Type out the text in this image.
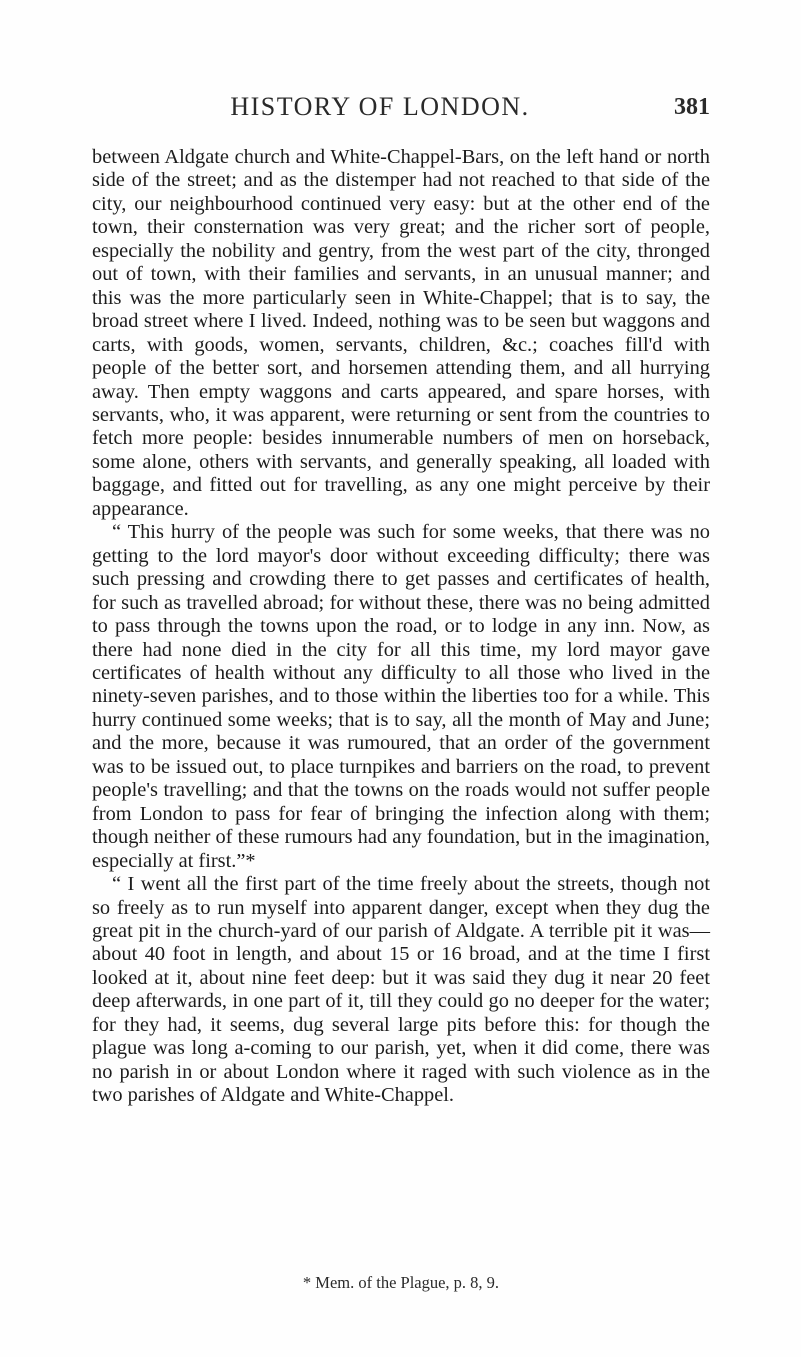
HISTORY OF LONDON.	381

between Aldgate church and White-Chappel-Bars, on the left hand or north side of the street; and as the distemper had not reached to that side of the city, our neighbourhood continued very easy: but at the other end of the town, their consternation was very great; and the richer sort of people, especially the nobility and gentry, from the west part of the city, thronged out of town, with their families and servants, in an unusual manner; and this was the more particularly seen in White-Chappel; that is to say, the broad street where I lived. Indeed, nothing was to be seen but waggons and carts, with goods, women, servants, children, &c.; coaches fill'd with people of the better sort, and horsemen attending them, and all hurrying away. Then empty waggons and carts appeared, and spare horses, with servants, who, it was apparent, were returning or sent from the countries to fetch more people: besides innumerable numbers of men on horseback, some alone, others with servants, and generally speaking, all loaded with baggage, and fitted out for travelling, as any one might perceive by their appearance.

“ This hurry of the people was such for some weeks, that there was no getting to the lord mayor's door without exceeding difficulty; there was such pressing and crowding there to get passes and certificates of health, for such as travelled abroad; for without these, there was no being admitted to pass through the towns upon the road, or to lodge in any inn. Now, as there had none died in the city for all this time, my lord mayor gave certificates of health without any difficulty to all those who lived in the ninety-seven parishes, and to those within the liberties too for a while. This hurry continued some weeks; that is to say, all the month of May and June; and the more, because it was rumoured, that an order of the government was to be issued out, to place turnpikes and barriers on the road, to prevent people's travelling; and that the towns on the roads would not suffer people from London to pass for fear of bringing the infection along with them; though neither of these rumours had any foundation, but in the imagination, especially at first.”*

“ I went all the first part of the time freely about the streets, though not so freely as to run myself into apparent danger, except when they dug the great pit in the church-yard of our parish of Aldgate. A terrible pit it was—about 40 foot in length, and about 15 or 16 broad, and at the time I first looked at it, about nine feet deep: but it was said they dug it near 20 feet deep afterwards, in one part of it, till they could go no deeper for the water; for they had, it seems, dug several large pits before this: for though the plague was long a-coming to our parish, yet, when it did come, there was no parish in or about London where it raged with such violence as in the two parishes of Aldgate and White-Chappel.

* Mem. of the Plague, p. 8, 9.
